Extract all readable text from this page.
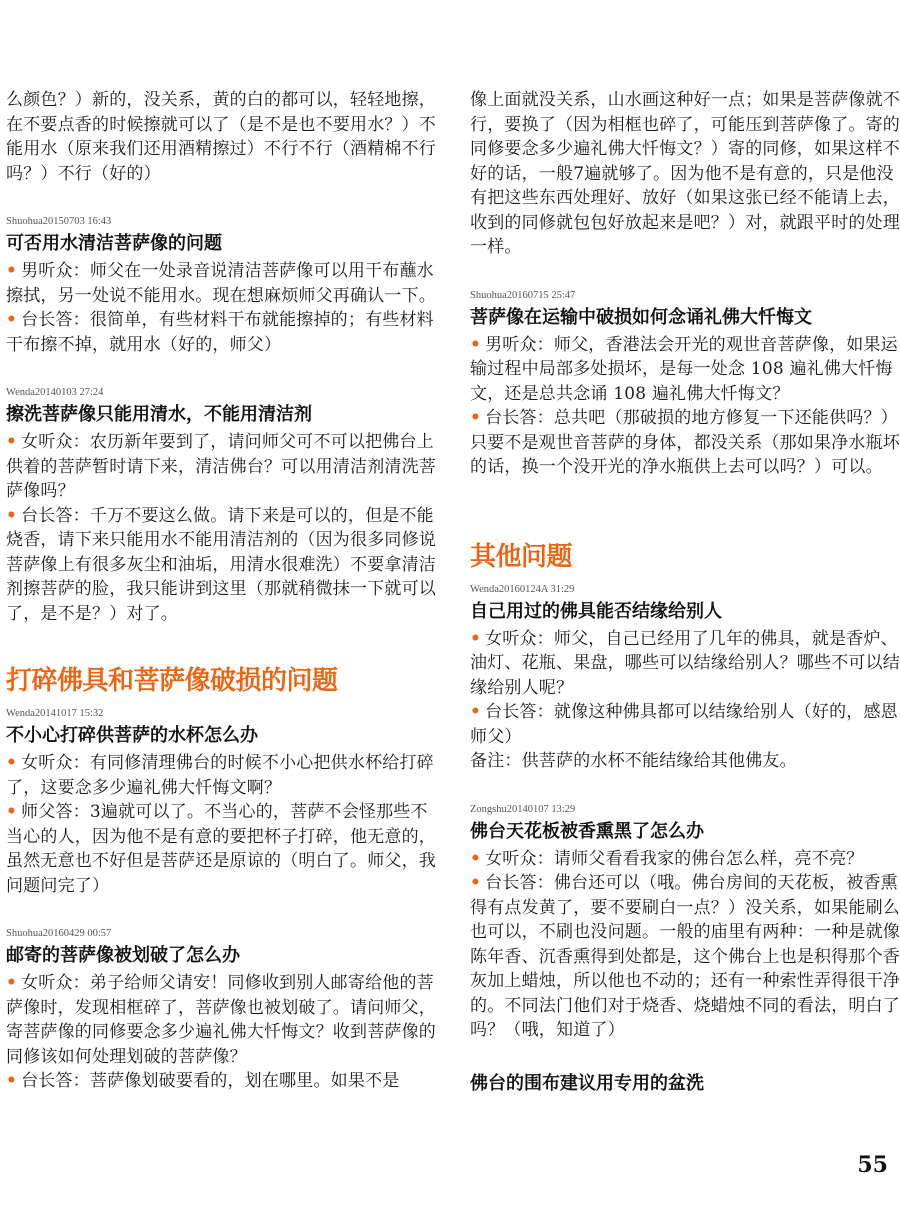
么颜色？）新的，没关系，黄的白的都可以，轻轻地擦，在不要点香的时候擦就可以了（是不是也不要用水？）不能用水（原来我们还用酒精擦过）不行不行（酒精棉不行吗？）不行（好的）

Shuohua20150703 16:43

可否用水清洁菩萨像的问题

• 男听众：师父在一处录音说清洁菩萨像可以用干布蘸水擦拭，另一处说不能用水。现在想麻烦师父再确认一下。

• 台长答：很简单，有些材料干布就能擦掉的；有些材料干布擦不掉，就用水（好的，师父）

Wenda20140103 27:24

擦洗菩萨像只能用清水，不能用清洁剂

• 女听众：农历新年要到了，请问师父可不可以把佛台上供着的菩萨暂时请下来，清洁佛台？可以用清洁剂清洗菩萨像吗？

• 台长答：千万不要这么做。请下来是可以的，但是不能烧香，请下来只能用水不能用清洁剂的（因为很多同修说菩萨像上有很多灰尘和油垢，用清水很难洗）不要拿清洁剂擦菩萨的脸，我只能讲到这里（那就稍微抹一下就可以了，是不是？）对了。

打碎佛具和菩萨像破损的问题

Wenda20141017 15:32

不小心打碎供菩萨的水杯怎么办

• 女听众：有同修清理佛台的时候不小心把供水杯给打碎了，这要念多少遍礼佛大忏悔文啊？

• 师父答：3遍就可以了。不当心的，菩萨不会怪那些不当心的人，因为他不是有意的要把杯子打碎，他无意的，虽然无意也不好但是菩萨还是原谅的（明白了。师父，我问题问完了）

Shuohua20160429 00:57

邮寄的菩萨像被划破了怎么办

• 女听众：弟子给师父请安！同修收到别人邮寄给他的菩萨像时，发现相框碎了，菩萨像也被划破了。请问师父，寄菩萨像的同修要念多少遍礼佛大忏悔文？收到菩萨像的同修该如何处理划破的菩萨像？

• 台长答：菩萨像划破要看的，划在哪里。如果不是

像上面就没关系，山水画这种好一点；如果是菩萨像就不行，要换了（因为相框也碎了，可能压到菩萨像了。寄的同修要念多少遍礼佛大忏悔文？）寄的同修，如果这样不好的话，一般7遍就够了。因为他不是有意的，只是他没有把这些东西处理好、放好（如果这张已经不能请上去，收到的同修就包包好放起来是吧？）对，就跟平时的处理一样。

Shuohua20160715 25:47

菩萨像在运输中破损如何念诵礼佛大忏悔文

• 男听众：师父，香港法会开光的观世音菩萨像，如果运输过程中局部多处损坏，是每一处念 108 遍礼佛大忏悔文，还是总共念诵 108 遍礼佛大忏悔文？

• 台长答：总共吧（那破损的地方修复一下还能供吗？）只要不是观世音菩萨的身体，都没关系（那如果净水瓶坏的话，换一个没开光的净水瓶供上去可以吗？）可以。

其他问题

Wenda20160124A 31:29

自己用过的佛具能否结缘给别人

• 女听众：师父，自己已经用了几年的佛具，就是香炉、油灯、花瓶、果盘，哪些可以结缘给别人？哪些不可以结缘给别人呢？

• 台长答：就像这种佛具都可以结缘给别人（好的，感恩师父）

备注：供菩萨的水杯不能结缘给其他佛友。

Zongshu20140107 13:29

佛台天花板被香熏黑了怎么办

• 女听众：请师父看看我家的佛台怎么样，亮不亮？

• 台长答：佛台还可以（哦。佛台房间的天花板，被香熏得有点发黄了，要不要刷白一点？）没关系，如果能刷么也可以，不刷也没问题。一般的庙里有两种：一种是就像陈年香、沉香熏得到处都是，这个佛台上也是积得那个香灰加上蜡烛，所以他也不动的；还有一种索性弄得很干净的。不同法门他们对于烧香、烧蜡烛不同的看法，明白了吗？（哦，知道了）

佛台的围布建议用专用的盆洗

55
